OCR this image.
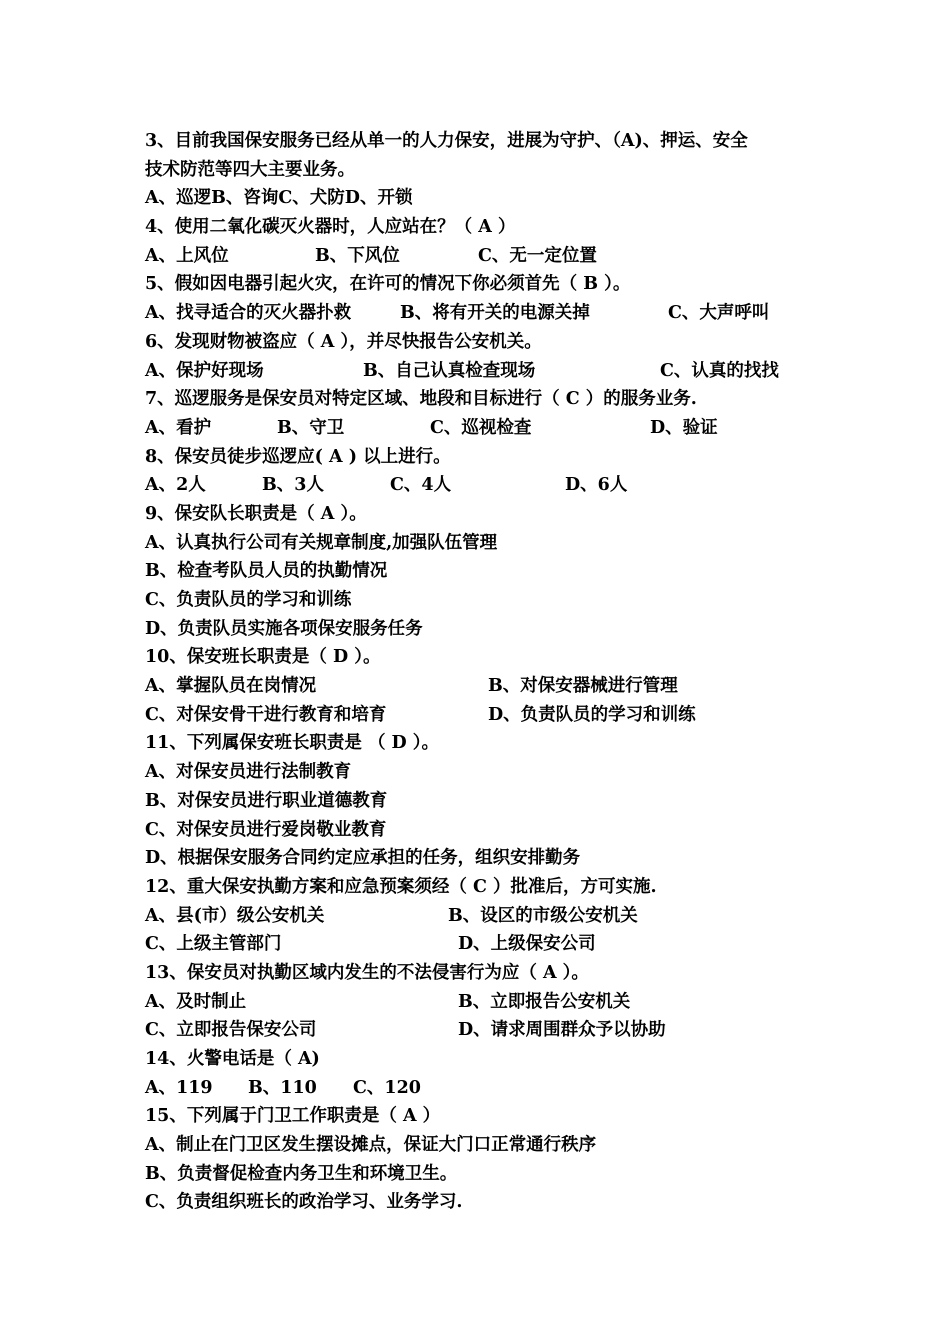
3、目前我国保安服务已经从单一的人力保安，进展为守护、（A)、押运、安全
技术防范等四大主要业务。
A、巡逻B、咨询C、犬防D、开锁
4、使用二氧化碳灭火器时，人应站在？（ A ）
A、上风位	B、下风位	C、无一定位置
5、假如因电器引起火灾，在许可的情况下你必须首先（ B ）。
A、找寻适合的灭火器扑救	B、将有开关的电源关掉	C、大声呼叫
6、发现财物被盗应（ A ），并尽快报告公安机关。
A、保护好现场	B、自己认真检查现场	C、认真的找找
7、巡逻服务是保安员对特定区域、地段和目标进行（ C ）的服务业务.
A、看护	B、守卫	C、巡视检查	D、验证
8、保安员徒步巡逻应( A ) 以上进行。
A、2人	B、3人	C、4人	D、6人
9、保安队长职责是（ A ）。
A、认真执行公司有关规章制度,加强队伍管理
B、检查考队员人员的执勤情况
C、负责队员的学习和训练
D、负责队员实施各项保安服务任务
10、保安班长职责是（ D ）。
A、掌握队员在岗情况	B、对保安器械进行管理
C、对保安骨干进行教育和培育	D、负责队员的学习和训练
11、下列属保安班长职责是 （ D ）。
A、对保安员进行法制教育
B、对保安员进行职业道德教育
C、对保安员进行爱岗敬业教育
D、根据保安服务合同约定应承担的任务，组织安排勤务
12、重大保安执勤方案和应急预案须经（ C ）批准后，方可实施.
A、县(市）级公安机关	B、设区的市级公安机关
C、上级主管部门	D、上级保安公司
13、保安员对执勤区域内发生的不法侵害行为应（ A ）。
A、及时制止	B、立即报告公安机关
C、立即报告保安公司	D、请求周围群众予以协助
14、火警电话是（ A)
A、119 B、110 C、120
15、下列属于门卫工作职责是（ A ）
A、制止在门卫区发生摆设摊点，保证大门口正常通行秩序
B、负责督促检查内务卫生和环境卫生。
C、负责组织班长的政治学习、业务学习.
